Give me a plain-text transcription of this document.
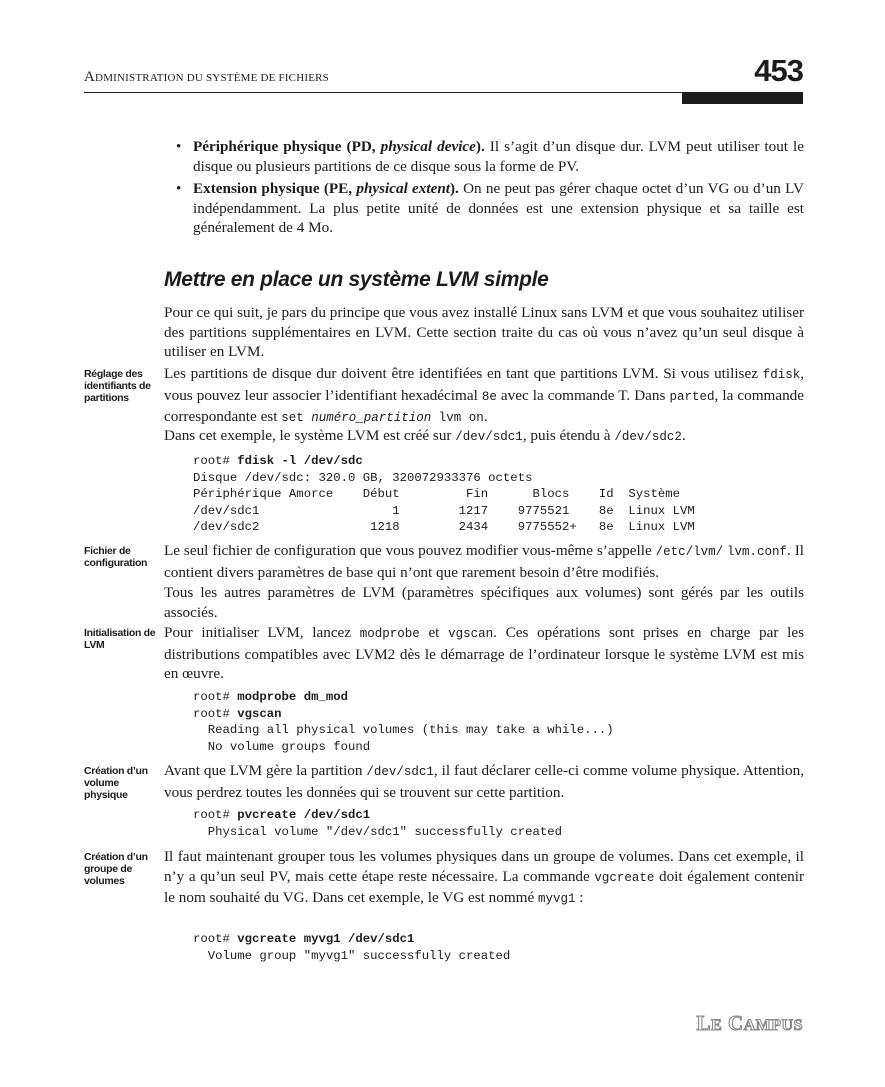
ADMINISTRATION DU SYSTÈME DE FICHIERS	453
• Périphérique physique (PD, physical device). Il s’agit d’un disque dur. LVM peut utiliser tout le disque ou plusieurs partitions de ce disque sous la forme de PV.
• Extension physique (PE, physical extent). On ne peut pas gérer chaque octet d’un VG ou d’un LV indépendamment. La plus petite unité de données est une extension physique et sa taille est généralement de 4 Mo.
Mettre en place un système LVM simple

Pour ce qui suit, je pars du principe que vous avez installé Linux sans LVM et que vous souhaitez utiliser des partitions supplémentaires en LVM. Cette section traite du cas où vous n’avez qu’un seul disque à utiliser en LVM.

Réglage des identifiants de partitions

Les partitions de disque dur doivent être identifiées en tant que partitions LVM. Si vous utilisez fdisk, vous pouvez leur associer l’identifiant hexadécimal 8e avec la commande T. Dans parted, la commande correspondante est set numéro_partition lvm on.

Dans cet exemple, le système LVM est créé sur /dev/sdc1, puis étendu à /dev/sdc2.

root# fdisk -l /dev/sdc
Disque /dev/sdc: 320.0 GB, 320072933376 octets
Périphérique Amorce    Début         Fin      Blocs    Id  Système
/dev/sdc1                  1        1217    9775521    8e  Linux LVM
/dev/sdc2               1218        2434    9775552+   8e  Linux LVM
Fichier de configuration

Le seul fichier de configuration que vous pouvez modifier vous-même s’appelle /etc/lvm/ lvm.conf. Il contient divers paramètres de base qui n’ont que rarement besoin d’être modifiés.

Tous les autres paramètres de LVM (paramètres spécifiques aux volumes) sont gérés par les outils associés.

Initialisation de LVM

Pour initialiser LVM, lancez modprobe et vgscan. Ces opérations sont prises en charge par les distributions compatibles avec LVM2 dès le démarrage de l’ordinateur lorsque le système LVM est mis en œuvre.

root# modprobe dm_mod
root# vgscan
Reading all physical volumes (this may take a while...)
No volume groups found
Création d’un volume physique

Avant que LVM gère la partition /dev/sdc1, il faut déclarer celle-ci comme volume physique. Attention, vous perdrez toutes les données qui se trouvent sur cette partition.

root# pvcreate /dev/sdc1
Physical volume "/dev/sdc1" successfully created
Création d’un groupe de volumes

Il faut maintenant grouper tous les volumes physiques dans un groupe de volumes. Dans cet exemple, il n’y a qu’un seul PV, mais cette étape reste nécessaire. La commande vgcreate doit également contenir le nom souhaité du VG. Dans cet exemple, le VG est nommé myvg1 :

root# vgcreate myvg1 /dev/sdc1
Volume group "myvg1" successfully created
LE CAMPUS
